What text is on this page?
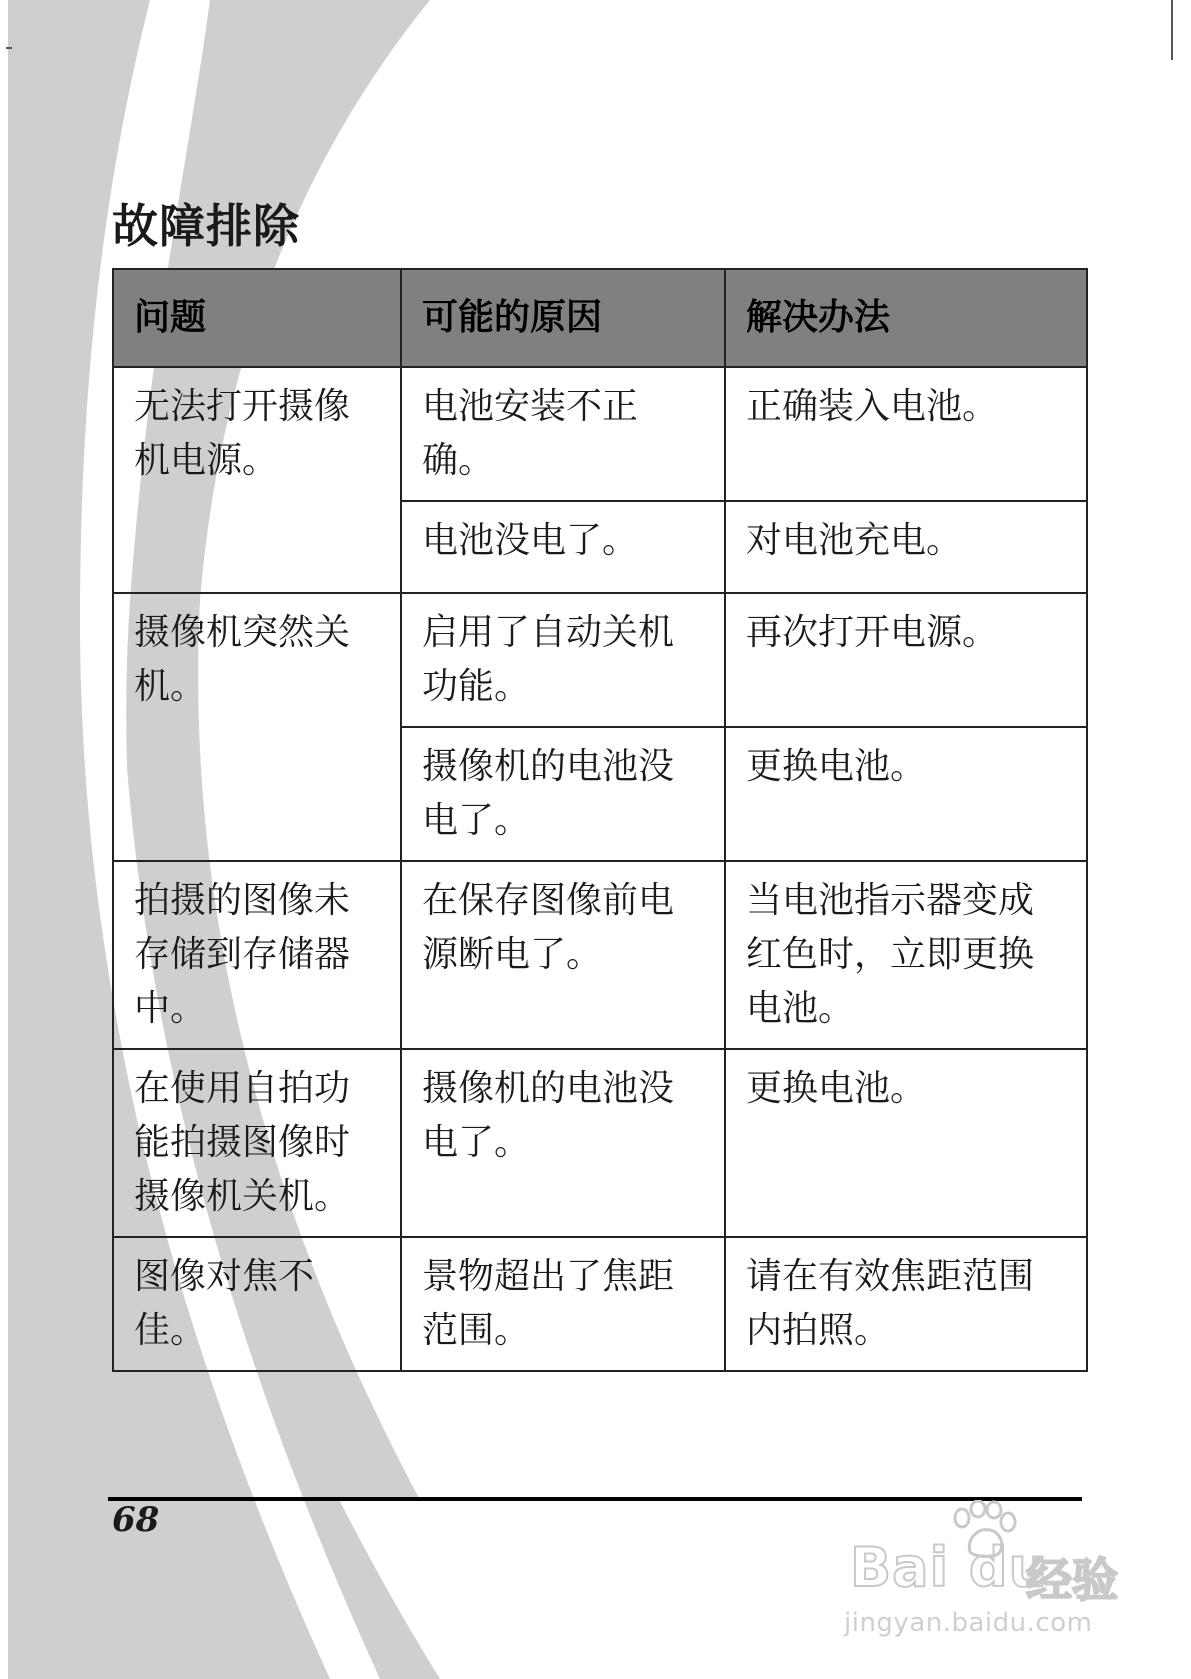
故障排除
问题	可能的原因	解决办法
无法打开摄像机电源。	电池安装不正确。	正确装入电池。
	电池没电了。	对电池充电。
摄像机突然关机。	启用了自动关机功能。	再次打开电源。
	摄像机的电池没电了。	更换电池。
拍摄的图像未存储到存储器中。	在保存图像前电源断电了。	当电池指示器变成红色时，立即更换电池。
在使用自拍功能拍摄图像时摄像机关机。	摄像机的电池没电了。	更换电池。
图像对焦不佳。	景物超出了焦距范围。	请在有效焦距范围内拍照。
68
Bai du
经验
jingyan.baidu.com
